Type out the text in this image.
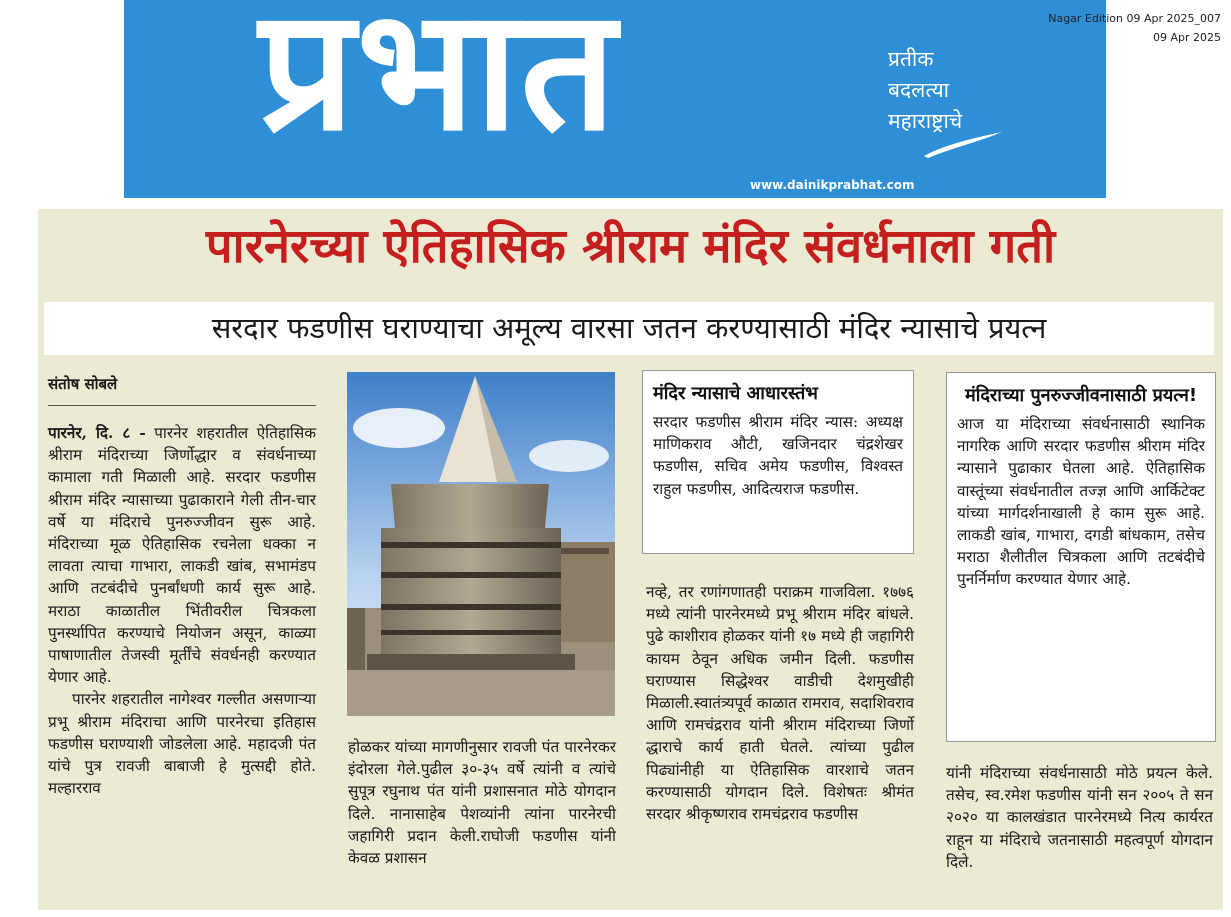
प्रभात	प्रतीक
बदलत्या
महाराष्ट्राचे
www.dainikprabhat.com
Nagar Edition 09 Apr 2025_007
09 Apr 2025
पारनेरच्या ऐतिहासिक श्रीराम मंदिर संवर्धनाला गती
सरदार फडणीस घराण्याचा अमूल्य वारसा जतन करण्यासाठी मंदिर न्यासाचे प्रयत्न
संतोष सोबले

पारनेर, दि. ८ - पारनेर शहरातील ऐतिहासिक श्रीराम मंदिराच्या जिर्णोद्धार व संवर्धनाच्या कामाला गती मिळाली आहे. सरदार फडणीस श्रीराम मंदिर न्यासाच्या पुढाकाराने गेली तीन-चार वर्षे या मंदिराचे पुनरुज्जीवन सुरू आहे. मंदिराच्या मूळ ऐतिहासिक रचनेला धक्का न लावता त्याचा गाभारा, लाकडी खांब, सभामंडप आणि तटबंदीचे पुनर्बांधणी कार्य सुरू आहे. मराठा काळातील भिंतीवरील चित्रकला पुनर्स्थापित करण्याचे नियोजन असून, काळ्या पाषाणातील तेजस्वी मूर्तींचे संवर्धनही करण्यात येणार आहे.

पारनेर शहरातील नागेश्वर गल्लीत असणाऱ्या प्रभू श्रीराम मंदिराचा आणि पारनेरचा इतिहास फडणीस घराण्याशी जोडलेला आहे. महादजी पंत यांचे पुत्र रावजी बाबाजी हे मुत्सद्दी होते. मल्हारराव

होळकर यांच्या मागणीनुसार रावजी पंत पारनेरकर इंदोरला गेले.पुढील ३०-३५ वर्षे त्यांनी व त्यांचे सुपूत्र रघुनाथ पंत यांनी प्रशासनात मोठे योगदान दिले. नानासाहेब पेशव्यांनी त्यांना पारनेरची जहागिरी प्रदान केली.राघोजी फडणीस यांनी केवळ प्रशासन

मंदिर न्यासाचे आधारस्तंभ
सरदार फडणीस श्रीराम मंदिर न्यास: अध्यक्ष माणिकराव औटी, खजिनदार चंद्रशेखर फडणीस, सचिव अमेय फडणीस, विश्वस्त राहुल फडणीस, आदित्यराज फडणीस.

नव्हे, तर रणांगणातही पराक्रम गाजविला. १७७६ मध्ये त्यांनी पारनेरमध्ये प्रभू श्रीराम मंदिर बांधले. पुढे काशीराव होळकर यांनी १७ मध्ये ही जहागिरी कायम ठेवून अधिक जमीन दिली. फडणीस घराण्यास सिद्धेश्वर वाडीची देशमुखीही मिळाली.स्वातंत्र्यपूर्व काळात रामराव, सदाशिवराव आणि रामचंद्रराव यांनी श्रीराम मंदिराच्या जिर्णो द्धाराचे कार्य हाती घेतले. त्यांच्या पुढील पिढ्यांनीही या ऐतिहासिक वारशाचे जतन करण्यासाठी योगदान दिले. विशेषतः श्रीमंत सरदार श्रीकृष्णराव रामचंद्रराव फडणीस

मंदिराच्या पुनरुज्जीवनासाठी प्रयत्न!
आज या मंदिराच्या संवर्धनासाठी स्थानिक नागरिक आणि सरदार फडणीस श्रीराम मंदिर न्यासाने पुढाकार घेतला आहे. ऐतिहासिक वास्तूंच्या संवर्धनातील तज्ज्ञ आणि आर्किटेक्ट यांच्या मार्गदर्शनाखाली हे काम सुरू आहे. लाकडी खांब, गाभारा, दगडी बांधकाम, तसेच मराठा शैलीतील चित्रकला आणि तटबंदीचे पुनर्निर्माण करण्यात येणार आहे.

यांनी मंदिराच्या संवर्धनासाठी मोठे प्रयत्न केले. तसेच, स्व.रमेश फडणीस यांनी सन २००५ ते सन २०२० या कालखंडात पारनेरमध्ये नित्य कार्यरत राहून या मंदिराचे जतनासाठी महत्वपूर्ण योगदान दिले.
